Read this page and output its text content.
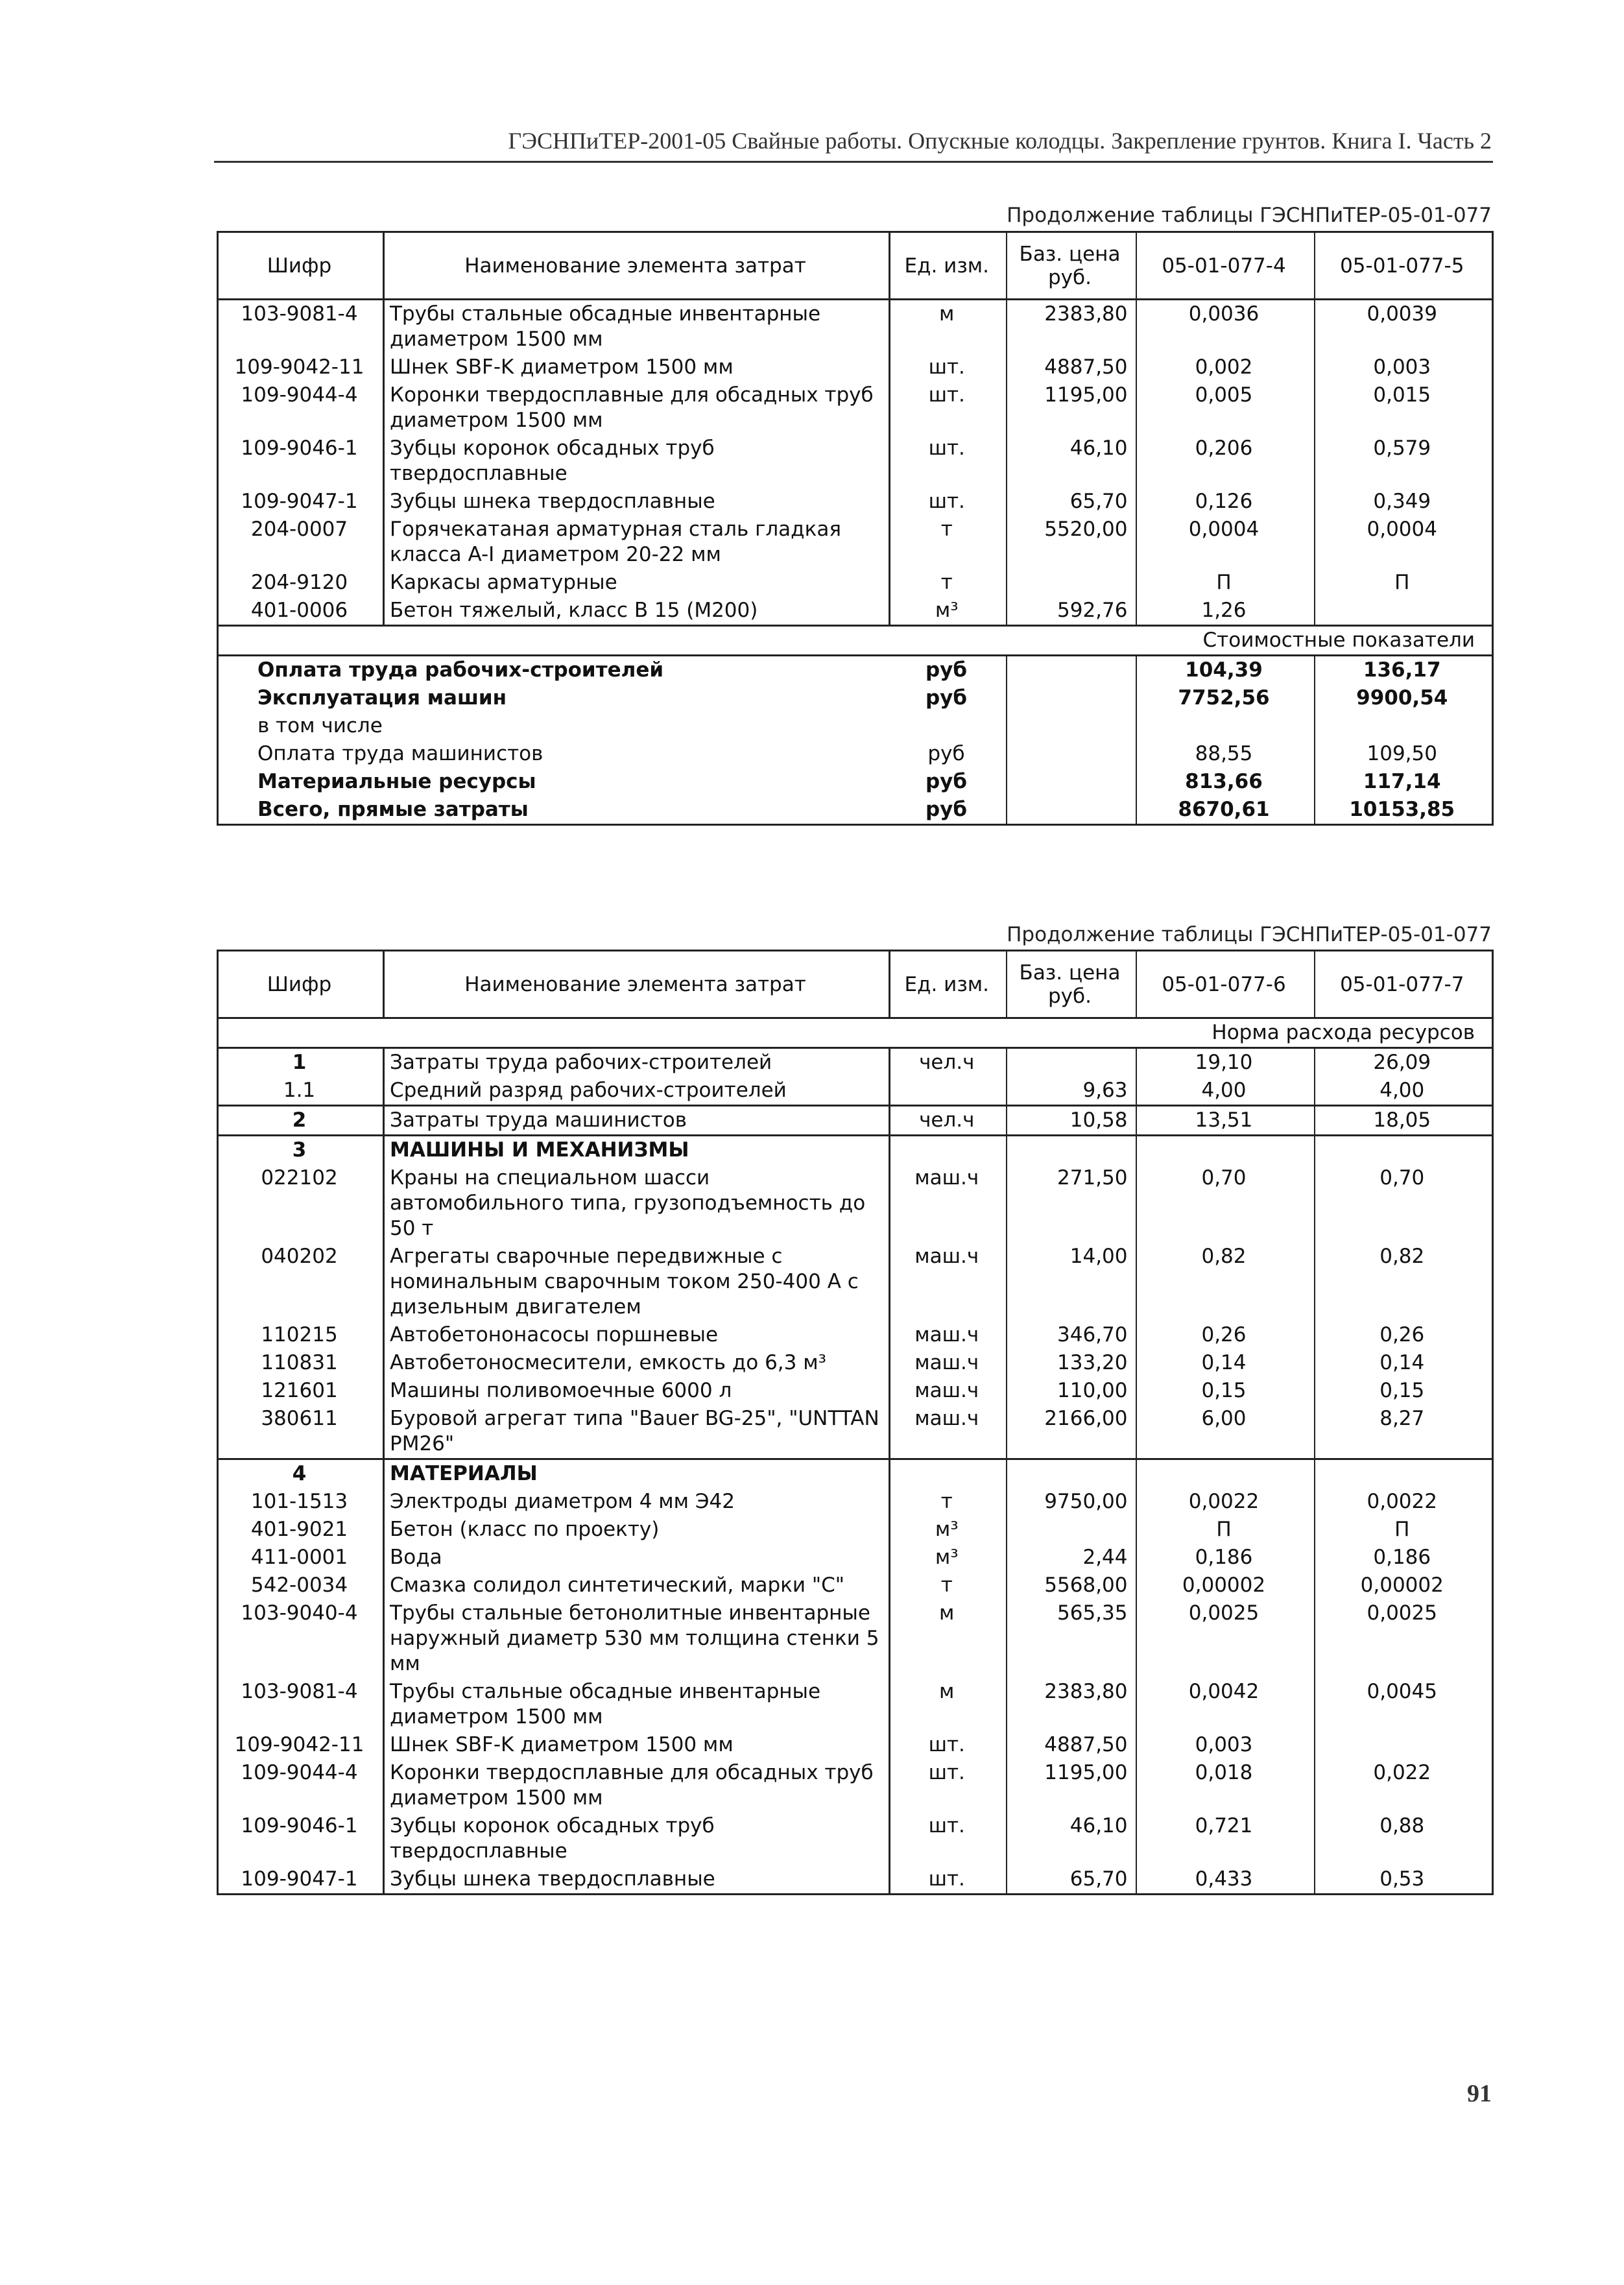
ГЭСНПиТЕР-2001-05 Свайные работы. Опускные колодцы. Закрепление грунтов. Книга I. Часть 2
Продолжение таблицы ГЭСНПиТЕР-05-01-077
Шифр	Наименование элемента затрат	Ед. изм.	Баз. цена руб.	05-01-077-4	05-01-077-5
103-9081-4	Трубы стальные обсадные инвентарные диаметром 1500 мм	м	2383,80	0,0036	0,0039
109-9042-11	Шнек SBF-K диаметром 1500 мм	шт.	4887,50	0,002	0,003
109-9044-4	Коронки твердосплавные для обсадных труб диаметром 1500 мм	шт.	1195,00	0,005	0,015
109-9046-1	Зубцы коронок обсадных труб твердосплавные	шт.	46,10	0,206	0,579
109-9047-1	Зубцы шнека твердосплавные	шт.	65,70	0,126	0,349
204-0007	Горячекатаная арматурная сталь гладкая класса A-I диаметром 20-22 мм	т	5520,00	0,0004	0,0004
204-9120	Каркасы арматурные	т		П	П
401-0006	Бетон тяжелый, класс В 15 (М200)	м³	592,76	1,26	
Стоимостные показатели					
Оплата труда рабочих-строителей		руб		104,39	136,17
Эксплуатация машин		руб		7752,56	9900,54
в том числе					
Оплата труда машинистов		руб		88,55	109,50
Материальные ресурсы		руб		813,66	117,14
Всего, прямые затраты		руб		8670,61	10153,85
Продолжение таблицы ГЭСНПиТЕР-05-01-077
Шифр	Наименование элемента затрат	Ед. изм.	Баз. цена руб.	05-01-077-6	05-01-077-7
Норма расхода ресурсов					
1	Затраты труда рабочих-строителей	чел.ч		19,10	26,09
1.1	Средний разряд рабочих-строителей		9,63	4,00	4,00
2	Затраты труда машинистов	чел.ч	10,58	13,51	18,05
3	МАШИНЫ И МЕХАНИЗМЫ				
022102	Краны на специальном шасси автомобильного типа, грузоподъемность до 50 т	маш.ч	271,50	0,70	0,70
040202	Агрегаты сварочные передвижные с номинальным сварочным током 250-400 А с дизельным двигателем	маш.ч	14,00	0,82	0,82
110215	Автобетононасосы поршневые	маш.ч	346,70	0,26	0,26
110831	Автобетоносмесители, емкость до 6,3 м³	маш.ч	133,20	0,14	0,14
121601	Машины поливомоечные 6000 л	маш.ч	110,00	0,15	0,15
380611	Буровой агрегат типа "Bauer BG-25", "UNTTAN PM26"	маш.ч	2166,00	6,00	8,27
4	МАТЕРИАЛЫ				
101-1513	Электроды диаметром 4 мм Э42	т	9750,00	0,0022	0,0022
401-9021	Бетон (класс по проекту)	м³		П	П
411-0001	Вода	м³	2,44	0,186	0,186
542-0034	Смазка солидол синтетический, марки "С"	т	5568,00	0,00002	0,00002
103-9040-4	Трубы стальные бетонолитные инвентарные наружный диаметр 530 мм толщина стенки 5 мм	м	565,35	0,0025	0,0025
103-9081-4	Трубы стальные обсадные инвентарные диаметром 1500 мм	м	2383,80	0,0042	0,0045
109-9042-11	Шнек SBF-K диаметром 1500 мм	шт.	4887,50	0,003	
109-9044-4	Коронки твердосплавные для обсадных труб диаметром 1500 мм	шт.	1195,00	0,018	0,022
109-9046-1	Зубцы коронок обсадных труб твердосплавные	шт.	46,10	0,721	0,88
109-9047-1	Зубцы шнека твердосплавные	шт.	65,70	0,433	0,53
91
